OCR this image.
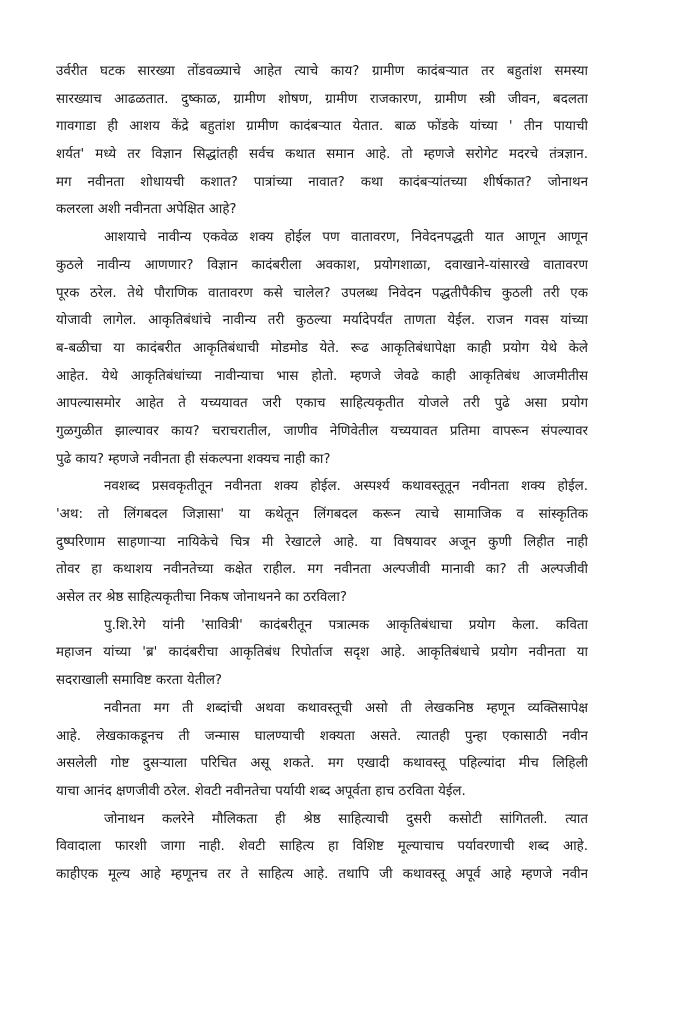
उर्वरीत घटक सारख्या तोंडवळ्याचे आहेत त्याचे काय? ग्रामीण कादंबऱ्यात तर बहुतांश समस्या
सारख्याच आढळतात. दुष्काळ, ग्रामीण शोषण, ग्रामीण राजकारण, ग्रामीण स्त्री जीवन, बदलता
गावगाडा ही आशय केंद्रे बहुतांश ग्रामीण कादंबऱ्यात येतात. बाळ फोंडके यांच्या ' तीन पायाची
शर्यत' मध्ये तर विज्ञान सिद्धांतही सर्वच कथात समान आहे. तो म्हणजे सरोगेट मदरचे तंत्रज्ञान.
मग नवीनता शोधायची कशात? पात्रांच्या नावात? कथा कादंबऱ्यांतच्या शीर्षकात? जोनाथन
कलरला अशी नवीनता अपेक्षित आहे?
आशयाचे नावीन्य एकवेळ शक्य होईल पण वातावरण, निवेदनपद्धती यात आणून आणून
कुठले नावीन्य आणणार? विज्ञान कादंबरीला अवकाश, प्रयोगशाळा, दवाखाने-यांसारखे वातावरण
पूरक ठरेल. तेथे पौराणिक वातावरण कसे चालेल? उपलब्ध निवेदन पद्धतीपैकीच कुठली तरी एक
योजावी लागेल. आकृतिबंधांचे नावीन्य तरी कुठल्या मर्यादेपर्यंत ताणता येईल. राजन गवस यांच्या
ब-बळीचा या कादंबरीत आकृतिबंधाची मोडमोड येते. रूढ आकृतिबंधापेक्षा काही प्रयोग येथे केले
आहेत. येथे आकृतिबंधांच्या नावीन्याचा भास होतो. म्हणजे जेवढे काही आकृतिबंध आजमीतीस
आपल्यासमोर आहेत ते यच्ययावत जरी एकाच साहित्यकृतीत योजले तरी पुढे असा प्रयोग
गुळगुळीत झाल्यावर काय? चराचरातील, जाणीव नेणिवेतील यच्ययावत प्रतिमा वापरून संपल्यावर
पुढे काय? म्हणजे नवीनता ही संकल्पना शक्यच नाही का?
नवशब्द प्रसवकृतीतून नवीनता शक्य होईल. अस्पर्श्य कथावस्तूतून नवीनता शक्य होईल.
'अथ: तो लिंगबदल जिज्ञासा' या कथेतून लिंगबदल करून त्याचे सामाजिक व सांस्कृतिक
दुष्परिणाम साहणाऱ्या नायिकेचे चित्र मी रेखाटले आहे. या विषयावर अजून कुणी लिहीत नाही
तोवर हा कथाशय नवीनतेच्या कक्षेत राहील. मग नवीनता अल्पजीवी मानावी का? ती अल्पजीवी
असेल तर श्रेष्ठ साहित्यकृतीचा निकष जोनाथनने का ठरविला?
पु.शि.रेगे यांनी 'सावित्री' कादंबरीतून पत्रात्मक आकृतिबंधाचा प्रयोग केला. कविता
महाजन यांच्या 'ब्र' कादंबरीचा आकृतिबंध रिपोर्ताज सदृश आहे. आकृतिबंधाचे प्रयोग नवीनता या
सदराखाली समाविष्ट करता येतील?
नवीनता मग ती शब्दांची अथवा कथावस्तूची असो ती लेखकनिष्ठ म्हणून व्यक्तिसापेक्ष
आहे. लेखकाकडूनच ती जन्मास घालण्याची शक्यता असते. त्यातही पुन्हा एकासाठी नवीन
असलेली गोष्ट दुसऱ्याला परिचित असू शकते. मग एखादी कथावस्तू पहिल्यांदा मीच लिहिली
याचा आनंद क्षणजीवी ठरेल. शेवटी नवीनतेचा पर्यायी शब्द अपूर्वता हाच ठरविता येईल.
जोनाथन कलरेने मौलिकता ही श्रेष्ठ साहित्याची दुसरी कसोटी सांगितली. त्यात
विवादाला फारशी जागा नाही. शेवटी साहित्य हा विशिष्ट मूल्याचाच पर्यावरणाची शब्द आहे.
काहीएक मूल्य आहे म्हणूनच तर ते साहित्य आहे. तथापि जी कथावस्तू अपूर्व आहे म्हणजे नवीन
